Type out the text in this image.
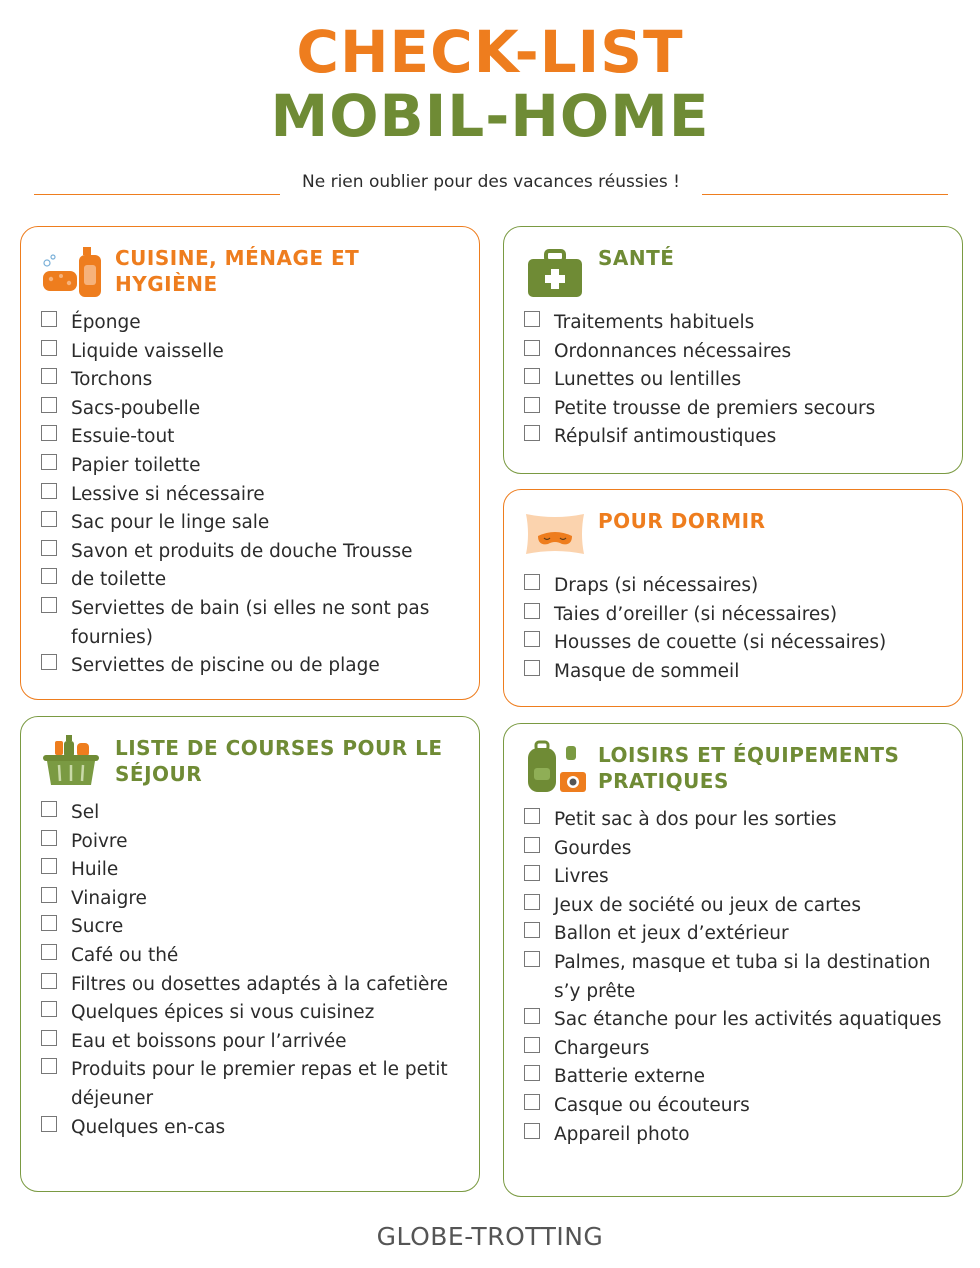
CHECK-LIST
MOBIL-HOME
Ne rien oublier pour des vacances réussies !
CUISINE, MÉNAGE ET HYGIÈNE
Éponge
Liquide vaisselle
Torchons
Sacs-poubelle
Essuie-tout
Papier toilette
Lessive si nécessaire
Sac pour le linge sale
Savon et produits de douche Trousse
de toilette
Serviettes de bain (si elles ne sont pas fournies)
Serviettes de piscine ou de plage
LISTE DE COURSES POUR LE SÉJOUR
Sel
Poivre
Huile
Vinaigre
Sucre
Café ou thé
Filtres ou dosettes adaptés à la cafetière
Quelques épices si vous cuisinez
Eau et boissons pour l’arrivée
Produits pour le premier repas et le petit déjeuner
Quelques en-cas
SANTÉ
Traitements habituels
Ordonnances nécessaires
Lunettes ou lentilles
Petite trousse de premiers secours
Répulsif antimoustiques
POUR DORMIR
Draps (si nécessaires)
Taies d’oreiller (si nécessaires)
Housses de couette (si nécessaires)
Masque de sommeil
LOISIRS ET ÉQUIPEMENTS PRATIQUES
Petit sac à dos pour les sorties
Gourdes
Livres
Jeux de société ou jeux de cartes
Ballon et jeux d’extérieur
Palmes, masque et tuba si la destination s’y prête
Sac étanche pour les activités aquatiques
Chargeurs
Batterie externe
Casque ou écouteurs
Appareil photo
GLOBE-TROTTING
